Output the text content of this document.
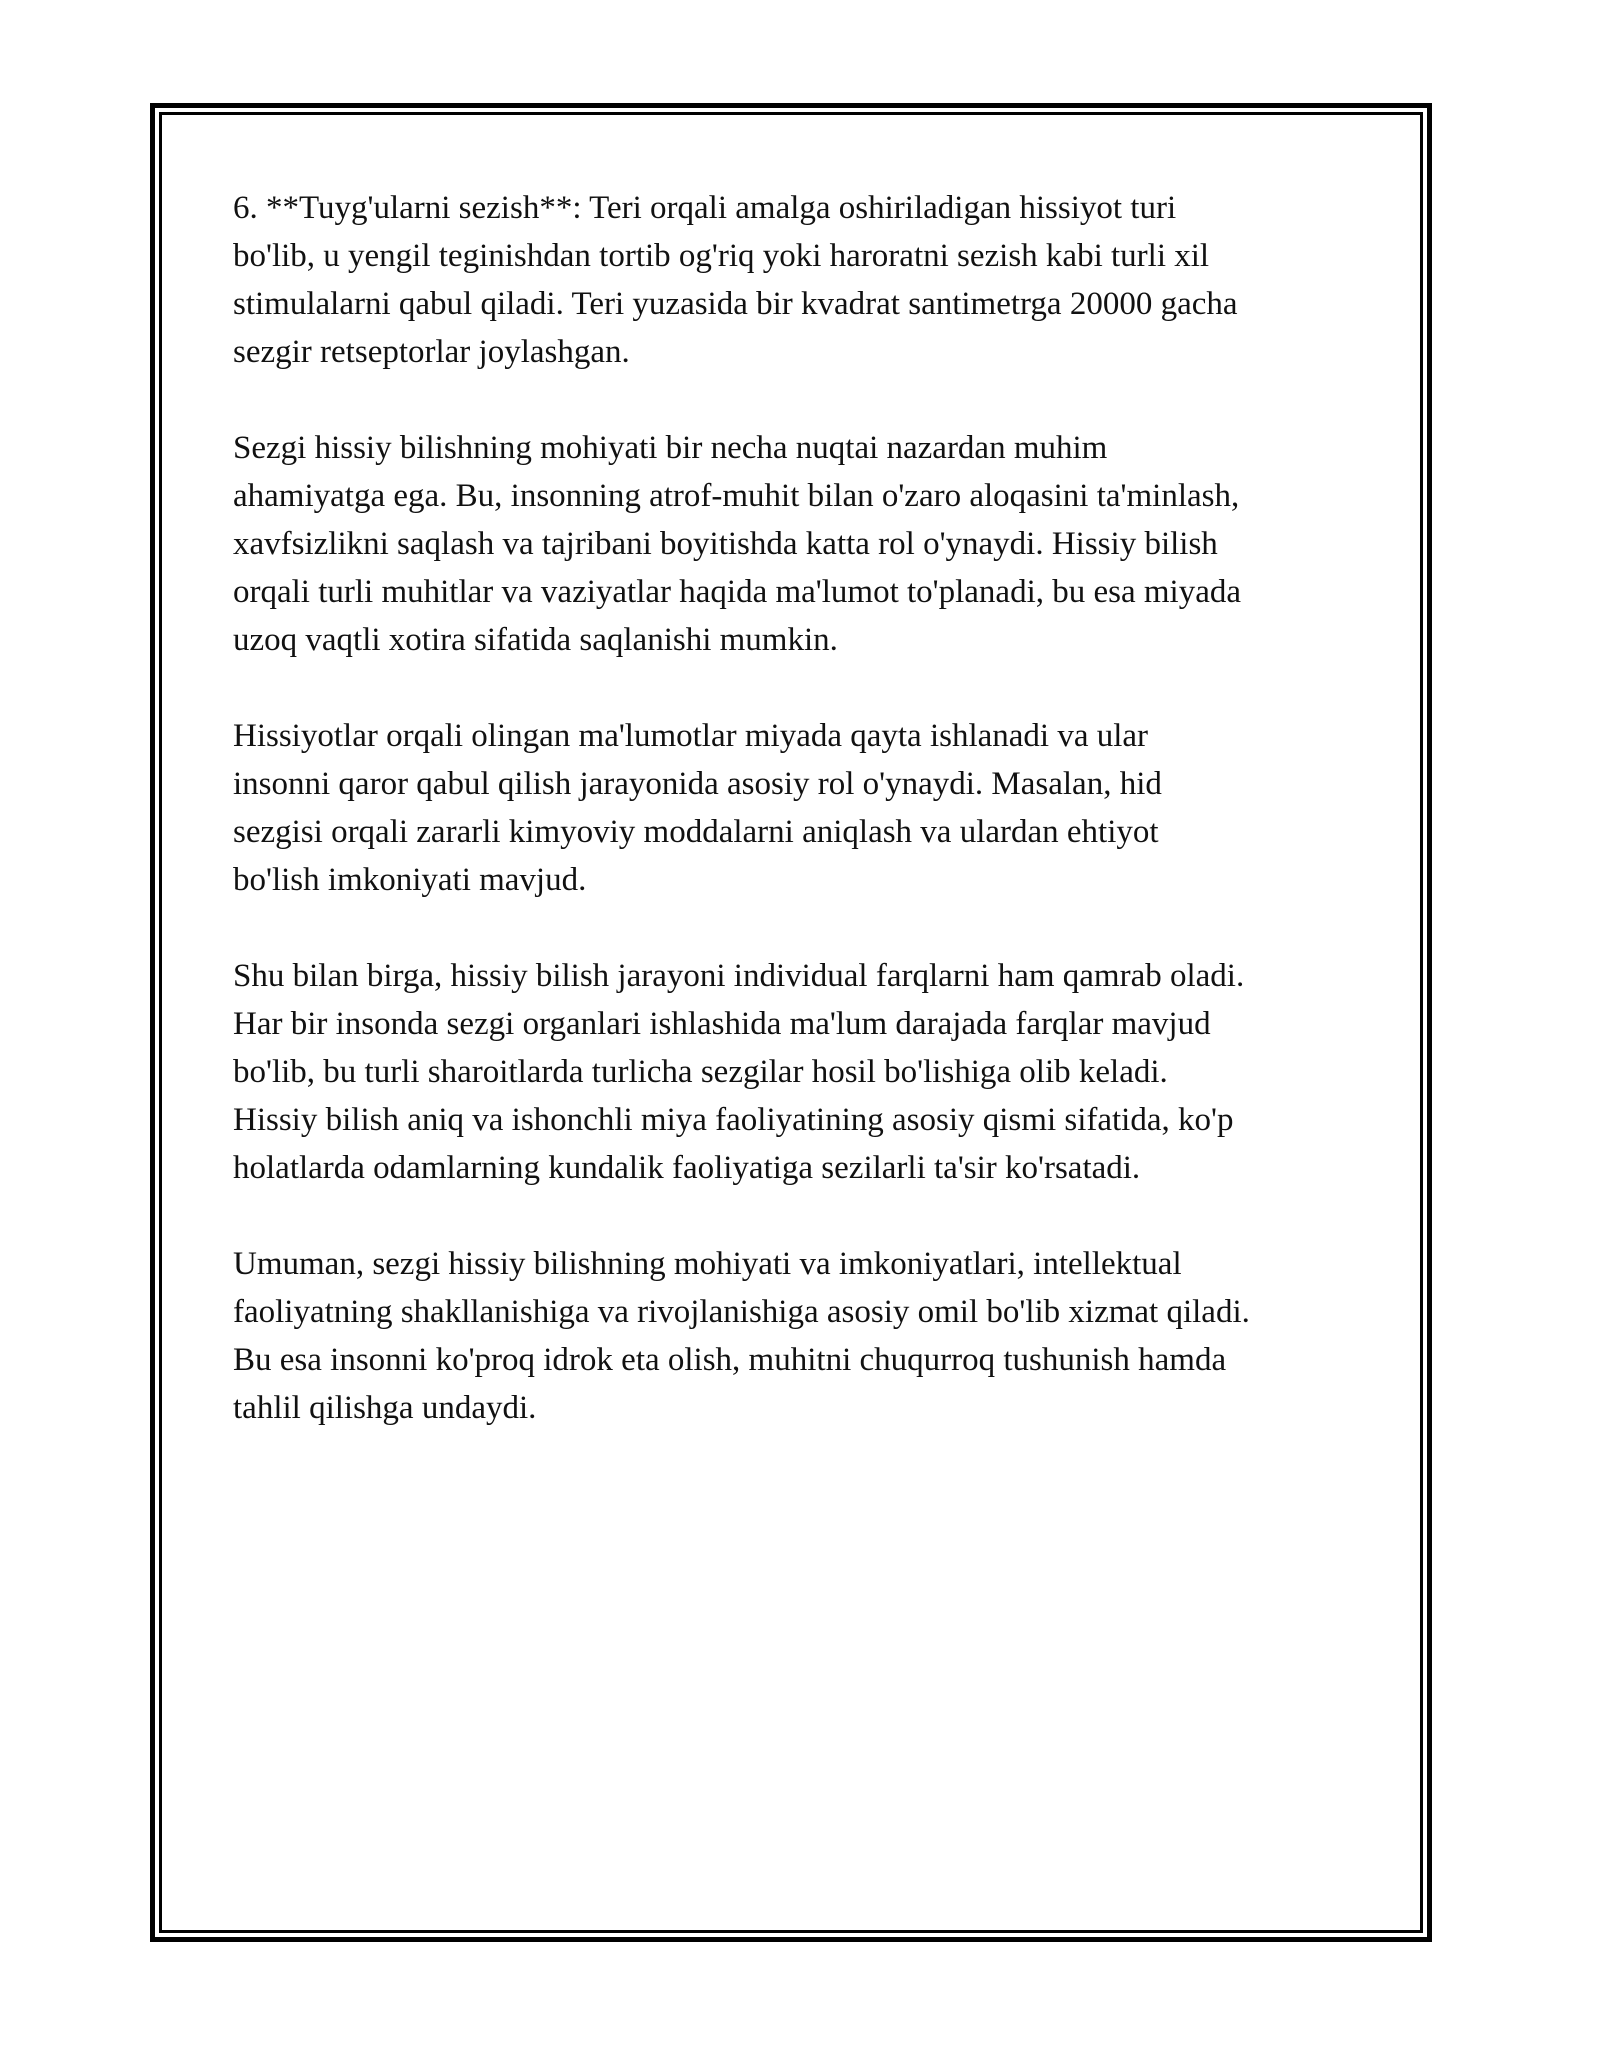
6. **Tuyg'ularni sezish**: Teri orqali amalga oshiriladigan hissiyot turi
bo'lib, u yengil teginishdan tortib og'riq yoki haroratni sezish kabi turli xil
stimulalarni qabul qiladi. Teri yuzasida bir kvadrat santimetrga 20000 gacha
sezgir retseptorlar joylashgan.

Sezgi hissiy bilishning mohiyati bir necha nuqtai nazardan muhim
ahamiyatga ega. Bu, insonning atrof-muhit bilan o'zaro aloqasini ta'minlash,
xavfsizlikni saqlash va tajribani boyitishda katta rol o'ynaydi. Hissiy bilish
orqali turli muhitlar va vaziyatlar haqida ma'lumot to'planadi, bu esa miyada
uzoq vaqtli xotira sifatida saqlanishi mumkin.

Hissiyotlar orqali olingan ma'lumotlar miyada qayta ishlanadi va ular
insonni qaror qabul qilish jarayonida asosiy rol o'ynaydi. Masalan, hid
sezgisi orqali zararli kimyoviy moddalarni aniqlash va ulardan ehtiyot
bo'lish imkoniyati mavjud.

Shu bilan birga, hissiy bilish jarayoni individual farqlarni ham qamrab oladi.
Har bir insonda sezgi organlari ishlashida ma'lum darajada farqlar mavjud
bo'lib, bu turli sharoitlarda turlicha sezgilar hosil bo'lishiga olib keladi.
Hissiy bilish aniq va ishonchli miya faoliyatining asosiy qismi sifatida, ko'p
holatlarda odamlarning kundalik faoliyatiga sezilarli ta'sir ko'rsatadi.

Umuman, sezgi hissiy bilishning mohiyati va imkoniyatlari, intellektual
faoliyatning shakllanishiga va rivojlanishiga asosiy omil bo'lib xizmat qiladi.
Bu esa insonni ko'proq idrok eta olish, muhitni chuqurroq tushunish hamda
tahlil qilishga undaydi.
